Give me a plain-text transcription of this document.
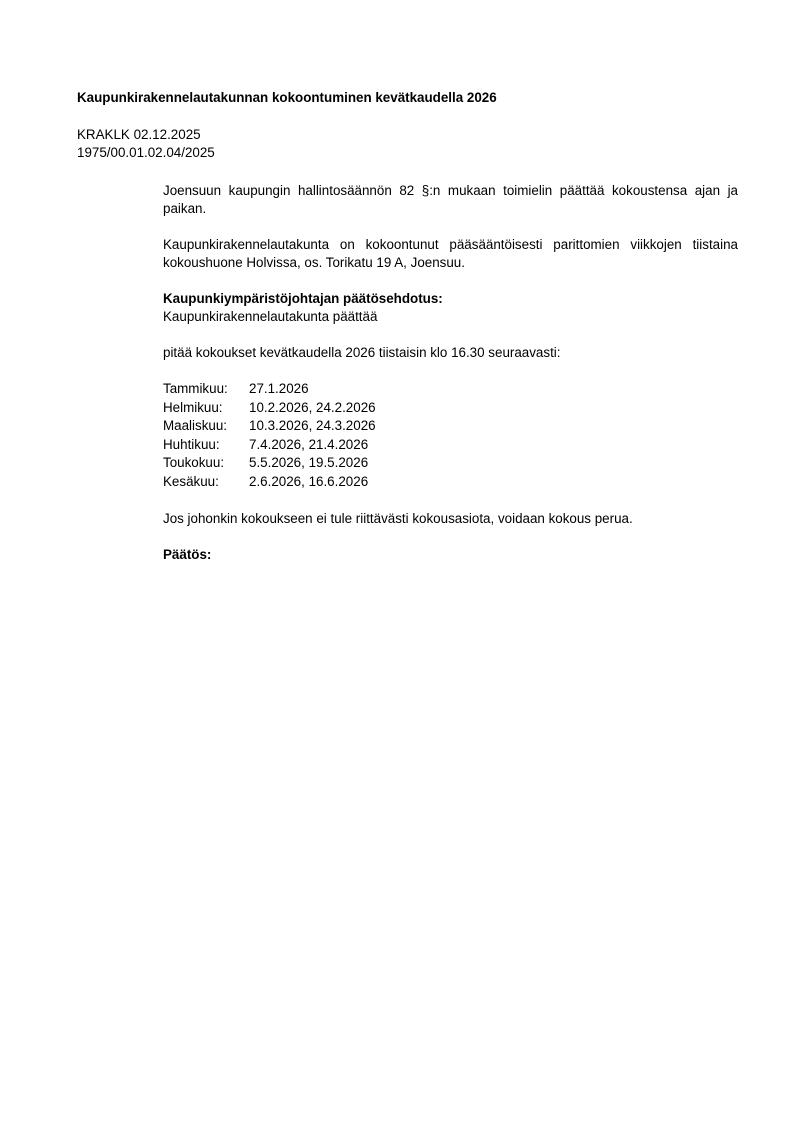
Kaupunkirakennelautakunnan kokoontuminen kevätkaudella 2026
KRAKLK 02.12.2025
1975/00.01.02.04/2025

Joensuun kaupungin hallintosäännön 82 §:n mukaan toimielin päättää kokoustensa ajan ja paikan.

Kaupunkirakennelautakunta on kokoontunut pääsääntöisesti parittomien viikkojen tiistaina kokoushuone Holvissa, os. Torikatu 19 A, Joensuu.

Kaupunkiympäristöjohtajan päätösehdotus:
Kaupunkirakennelautakunta päättää

pitää kokoukset kevätkaudella 2026 tiistaisin klo 16.30 seuraavasti:

Tammikuu:	27.1.2026
Helmikuu:	10.2.2026, 24.2.2026
Maaliskuu:	10.3.2026, 24.3.2026
Huhtikuu:	7.4.2026, 21.4.2026
Toukokuu:	5.5.2026, 19.5.2026
Kesäkuu:	2.6.2026, 16.6.2026

Jos johonkin kokoukseen ei tule riittävästi kokousasiota, voidaan kokous perua.

Päätös:
